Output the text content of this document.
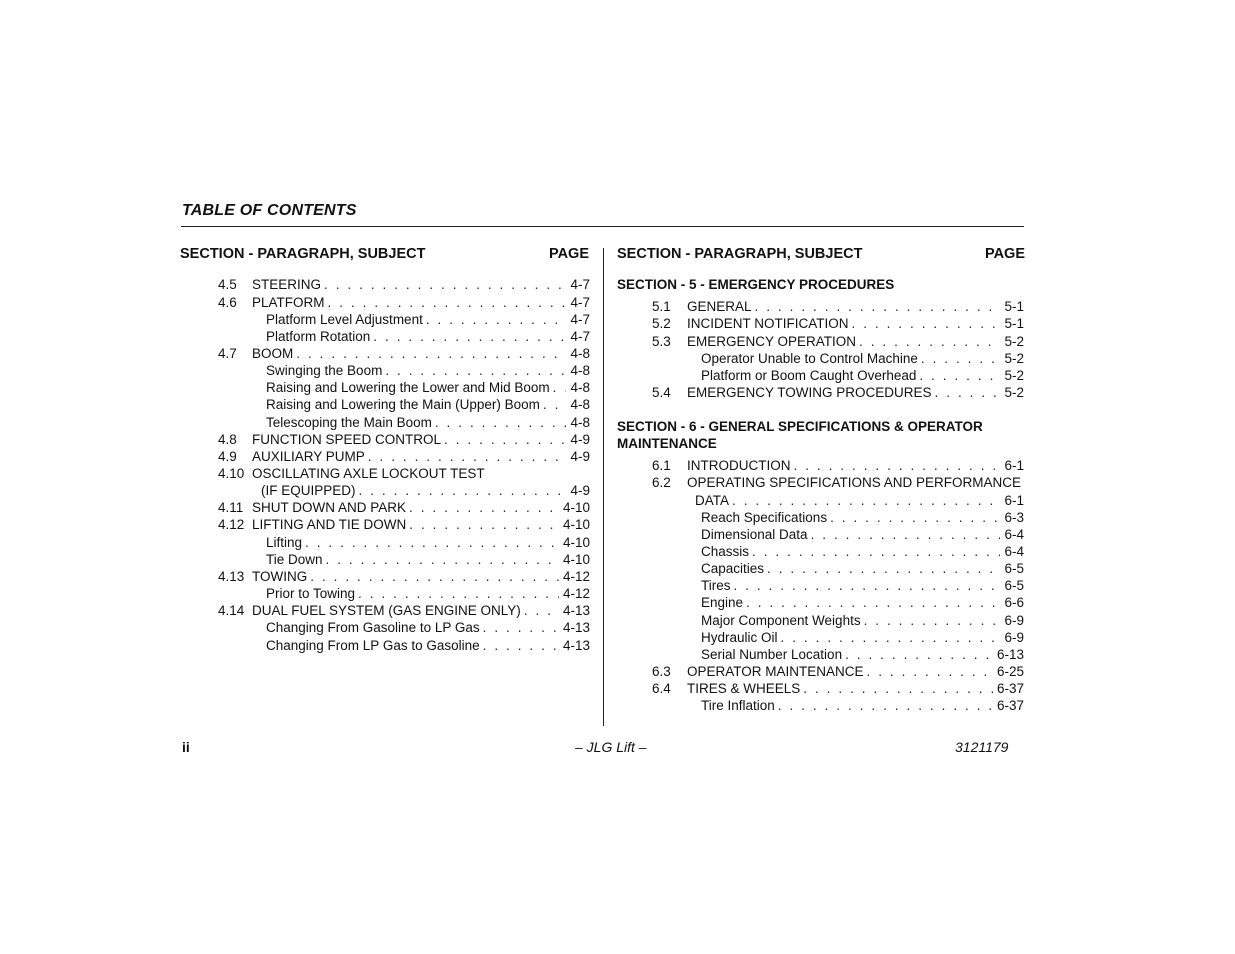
TABLE OF CONTENTS
SECTION - PARAGRAPH, SUBJECT	PAGE SECTION - PARAGRAPH, SUBJECT	PAGE
SECTION - 5 - EMERGENCY PROCEDURES
SECTION - 6 - GENERAL SPECIFICATIONS & OPERATOR
MAINTENANCE
4.5 STEERING . . .	4-7
4.6 PLATFORM . . .	4-7
Platform Level Adjustment . . .	4-7
Platform Rotation . . .	4-7
4.7 BOOM . . .	4-8
Swinging the Boom . . .	4-8
Raising and Lowering the Lower and Mid Boom . . . 4-8
Raising and Lowering the Main (Upper) Boom . . . 4-8
Telescoping the Main Boom . . .	4-8
4.8 FUNCTION SPEED CONTROL . . .	4-9
4.9 AUXILIARY PUMP . . .	4-9
4.10 OSCILLATING AXLE LOCKOUT TEST
(IF EQUIPPED) . . .	4-9
4.11 SHUT DOWN AND PARK . . .	4-10
4.12 LIFTING AND TIE DOWN . . .	4-10
Lifting . . .	4-10
Tie Down . . .	4-10
4.13 TOWING . . .	4-12
Prior to Towing . . .	4-12
4.14 DUAL FUEL SYSTEM (GAS ENGINE ONLY) . . .	4-13
Changing From Gasoline to LP Gas . . .	4-13
Changing From LP Gas to Gasoline . . .	4-13
5.1 GENERAL . . .	5-1
5.2 INCIDENT NOTIFICATION . . .	5-1
5.3 EMERGENCY OPERATION . . .	5-2
Operator Unable to Control Machine . . .	5-2
Platform or Boom Caught Overhead . . .	5-2
5.4 EMERGENCY TOWING PROCEDURES . . .	5-2
6.1 INTRODUCTION . . .	6-1
6.2 OPERATING SPECIFICATIONS AND PERFORMANCE
DATA . . .	6-1
Reach Specifications . . .	6-3
Dimensional Data . . .	6-4
Chassis . . .	6-4
Capacities . . .	6-5
Tires . . .	6-5
Engine . . .	6-6
Major Component Weights . . .	6-9
Hydraulic Oil . . .	6-9
Serial Number Location . . .	6-13
6.3 OPERATOR MAINTENANCE . . .	6-25
6.4 TIRES & WHEELS . . .	6-37
Tire Inflation . . .	6-37
ii	– JLG Lift –	3121179
